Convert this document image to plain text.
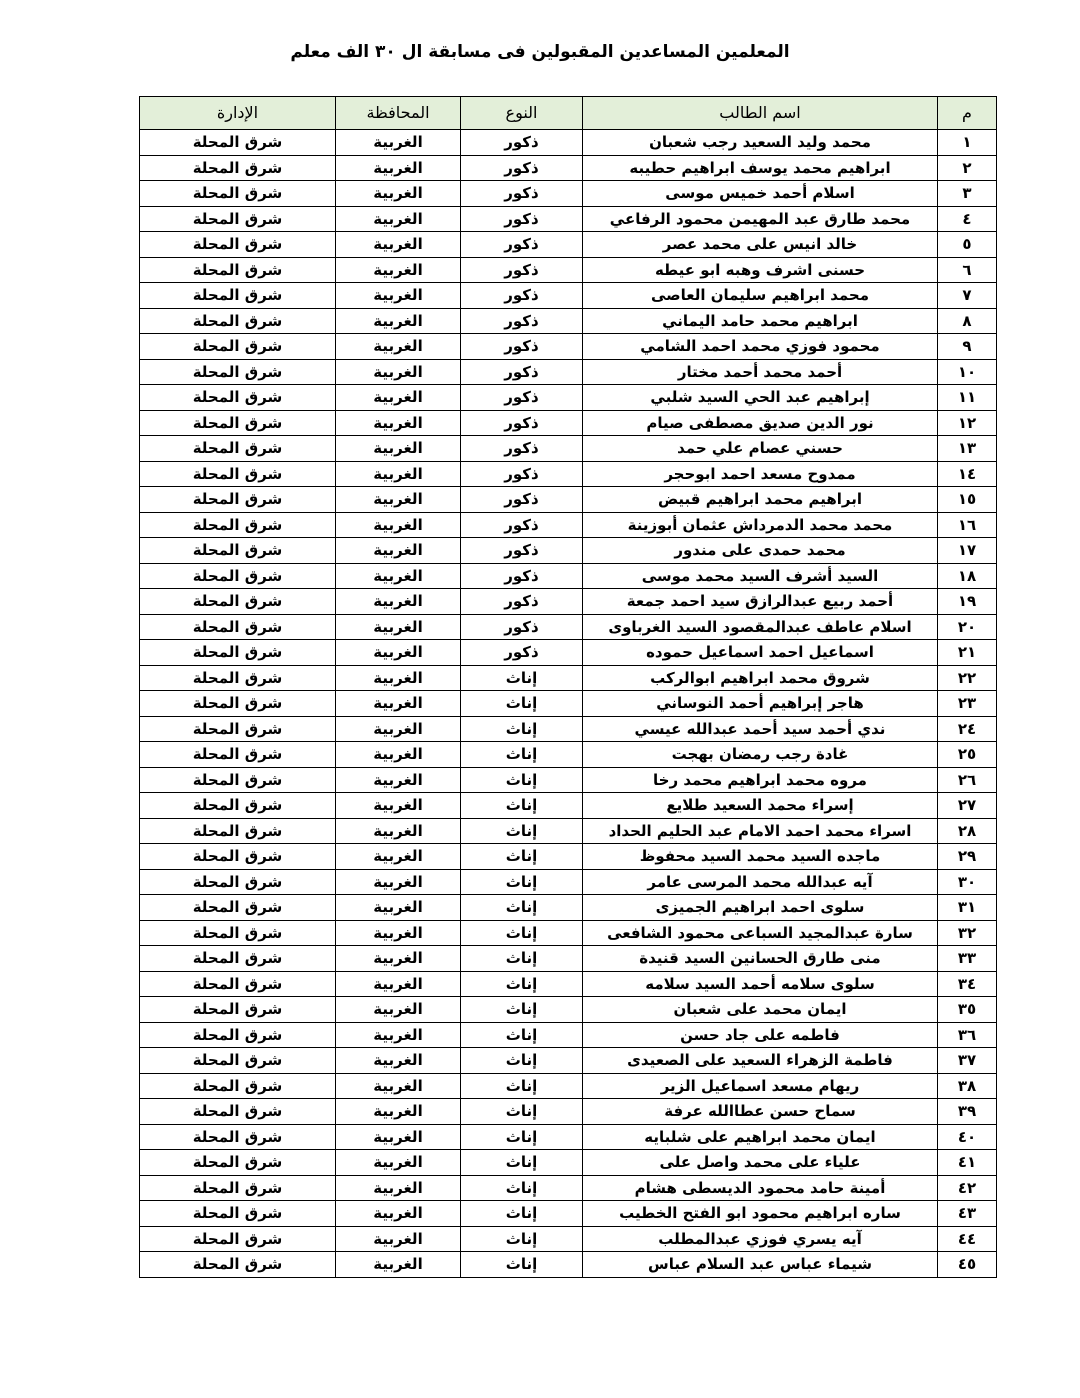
المعلمين المساعدين المقبولين فى مسابقة ال ٣٠ الف معلم
م	اسم الطالب	النوع	المحافظة	الإدارة
١	محمد وليد السعيد رجب شعبان	ذكور	الغربية	شرق المحلة
٢	ابراهيم محمد يوسف ابراهيم حطيبه	ذكور	الغربية	شرق المحلة
٣	اسلام أحمد خميس موسى	ذكور	الغربية	شرق المحلة
٤	محمد طارق عبد المهيمن محمود الرفاعي	ذكور	الغربية	شرق المحلة
٥	خالد انيس على محمد عصر	ذكور	الغربية	شرق المحلة
٦	حسنى اشرف وهبه ابو عيطه	ذكور	الغربية	شرق المحلة
٧	محمد ابراهيم سليمان العاصى	ذكور	الغربية	شرق المحلة
٨	ابراهيم محمد حامد اليماني	ذكور	الغربية	شرق المحلة
٩	محمود فوزي محمد احمد الشامي	ذكور	الغربية	شرق المحلة
١٠	أحمد محمد أحمد مختار	ذكور	الغربية	شرق المحلة
١١	إبراهيم عبد الحي السيد شلبي	ذكور	الغربية	شرق المحلة
١٢	نور الدين صديق مصطفى صيام	ذكور	الغربية	شرق المحلة
١٣	حسني عصام علي حمد	ذكور	الغربية	شرق المحلة
١٤	ممدوح مسعد احمد ابوحجر	ذكور	الغربية	شرق المحلة
١٥	ابراهيم محمد ابراهيم قبيض	ذكور	الغربية	شرق المحلة
١٦	محمد محمد الدمرداش عثمان أبوزينة	ذكور	الغربية	شرق المحلة
١٧	محمد حمدى على مندور	ذكور	الغربية	شرق المحلة
١٨	السيد أشرف السيد محمد موسى	ذكور	الغربية	شرق المحلة
١٩	أحمد ربيع عبدالرازق سيد احمد جمعة	ذكور	الغربية	شرق المحلة
٢٠	اسلام عاطف عبدالمقصود السيد الغرباوى	ذكور	الغربية	شرق المحلة
٢١	اسماعيل احمد اسماعيل حموده	ذكور	الغربية	شرق المحلة
٢٢	شروق محمد ابراهيم ابوالركب	إناث	الغربية	شرق المحلة
٢٣	هاجر إبراهيم أحمد النوساني	إناث	الغربية	شرق المحلة
٢٤	ندي أحمد سيد أحمد عبدالله عيسي	إناث	الغربية	شرق المحلة
٢٥	غادة رجب رمضان بهجت	إناث	الغربية	شرق المحلة
٢٦	مروه محمد ابراهيم محمد رخا	إناث	الغربية	شرق المحلة
٢٧	إسراء محمد السعيد طلايع	إناث	الغربية	شرق المحلة
٢٨	اسراء محمد احمد الامام عبد الحليم الحداد	إناث	الغربية	شرق المحلة
٢٩	ماجده السيد محمد السيد محفوظ	إناث	الغربية	شرق المحلة
٣٠	آيه عبدالله محمد المرسى عامر	إناث	الغربية	شرق المحلة
٣١	سلوى احمد ابراهيم الجميزى	إناث	الغربية	شرق المحلة
٣٢	سارة عبدالمجيد السباعى محمود الشافعى	إناث	الغربية	شرق المحلة
٣٣	منى طارق الحسانين السيد قنيدة	إناث	الغربية	شرق المحلة
٣٤	سلوى سلامه أحمد السيد سلامه	إناث	الغربية	شرق المحلة
٣٥	ايمان محمد على شعبان	إناث	الغربية	شرق المحلة
٣٦	فاطمه على جاد حسن	إناث	الغربية	شرق المحلة
٣٧	فاطمة الزهراء السعيد على الصعيدى	إناث	الغربية	شرق المحلة
٣٨	ريهام مسعد اسماعيل الزير	إناث	الغربية	شرق المحلة
٣٩	سماح حسن عطاالله عرفة	إناث	الغربية	شرق المحلة
٤٠	ايمان محمد ابراهيم على شلبايه	إناث	الغربية	شرق المحلة
٤١	علياء على محمد واصل على	إناث	الغربية	شرق المحلة
٤٢	أمينة حامد محمود الديسطى هشام	إناث	الغربية	شرق المحلة
٤٣	ساره ابراهيم محمود ابو الفتح الخطيب	إناث	الغربية	شرق المحلة
٤٤	آيه يسري فوزي عبدالمطلب	إناث	الغربية	شرق المحلة
٤٥	شيماء عباس عبد السلام عباس	إناث	الغربية	شرق المحلة
